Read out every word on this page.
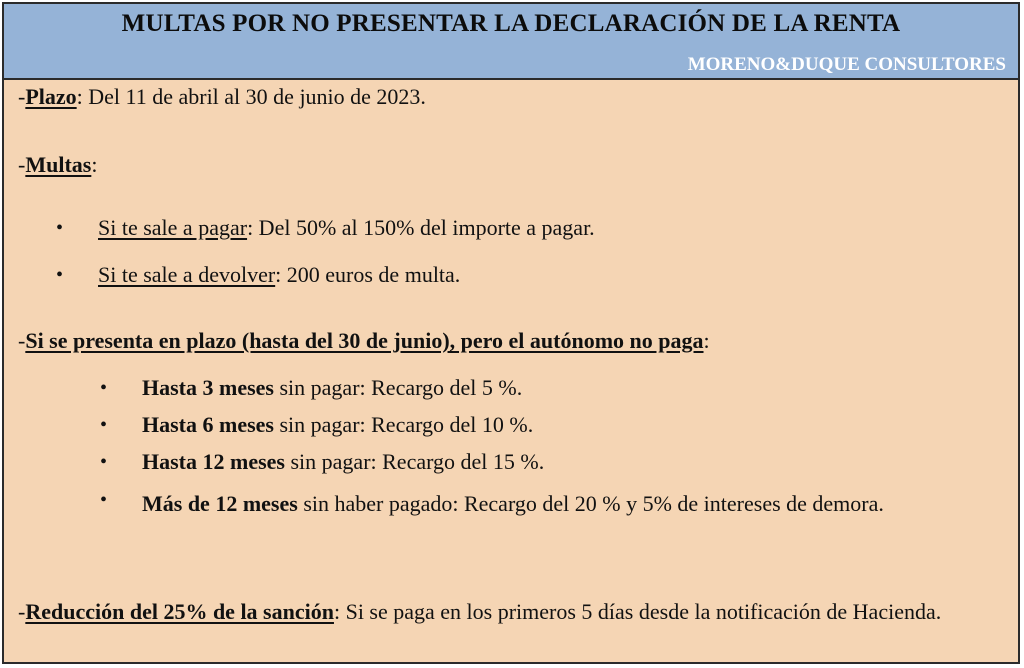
MULTAS POR NO PRESENTAR LA DECLARACIÓN DE LA RENTA
MORENO&DUQUE CONSULTORES
-Plazo: Del 11 de abril al 30 de junio de 2023.
-Multas:
• Si te sale a pagar: Del 50% al 150% del importe a pagar.
• Si te sale a devolver: 200 euros de multa.
-Si se presenta en plazo (hasta del 30 de junio), pero el autónomo no paga:
• Hasta 3 meses sin pagar: Recargo del 5 %.
• Hasta 6 meses sin pagar: Recargo del 10 %.
• Hasta 12 meses sin pagar: Recargo del 15 %.
• Más de 12 meses sin haber pagado: Recargo del 20 % y 5% de intereses de demora.
-Reducción del 25% de la sanción: Si se paga en los primeros 5 días desde la notificación de Hacienda.
